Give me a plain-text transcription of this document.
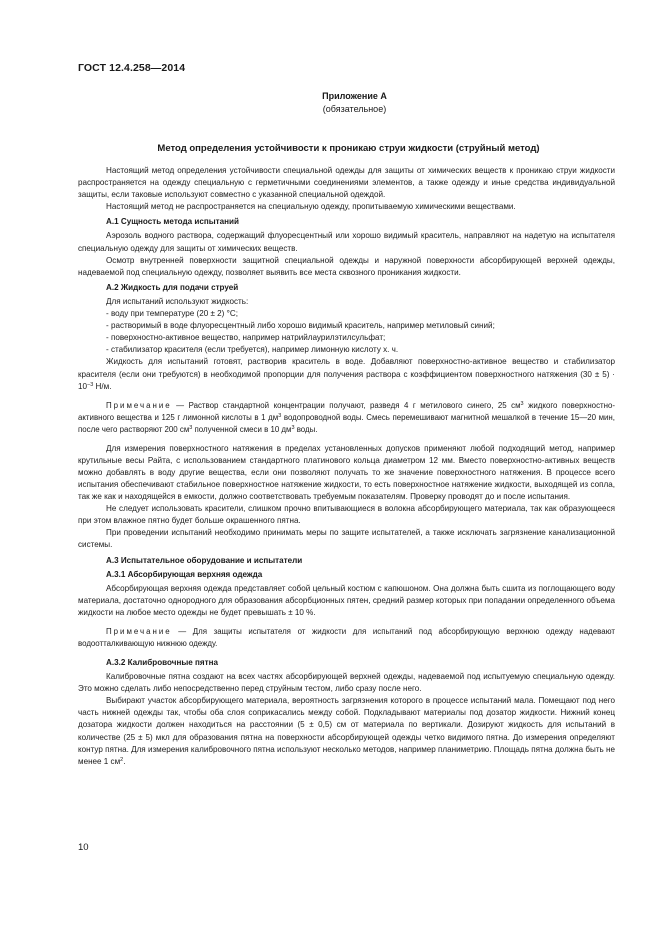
ГОСТ 12.4.258—2014
Приложение А
(обязательное)
Метод определения устойчивости к проникаю струи жидкости (струйный метод)

Настоящий метод определения устойчивости специальной одежды для защиты от химических веществ к проникаю струи жидкости распространяется на одежду специальную с герметичными соединениями элементов, а также одежду и иные средства индивидуальной защиты, если таковые используют совместно с указанной специальной одеждой.

Настоящий метод не распространяется на специальную одежду, пропитываемую химическими веществами.

А.1 Сущность метода испытаний

Аэрозоль водного раствора, содержащий флуоресцентный или хорошо видимый краситель, направляют на надетую на испытателя специальную одежду для защиты от химических веществ.

Осмотр внутренней поверхности защитной специальной одежды и наружной поверхности абсорбирующей верхней одежды, надеваемой под специальную одежду, позволяет выявить все места сквозного проникания жидкости.

А.2 Жидкость для подачи струей

Для испытаний используют жидкость:

- воду при температуре (20 ± 2) °С;
- растворимый в воде флуоресцентный либо хорошо видимый краситель, например метиловый синий;
- поверхностно-активное вещество, например натрийлаурилэтилсульфат;
- стабилизатор красителя (если требуется), например лимонную кислоту х. ч.

Жидкость для испытаний готовят, растворив краситель в воде. Добавляют поверхностно-активное вещество и стабилизатор красителя (если они требуются) в необходимой пропорции для получения раствора с коэффициентом поверхностного натяжения $(30 \pm 5) \cdot 10^{-3}$ Н/м.

Примечание — Раствор стандартной концентрации получают, разведя 4 г метилового синего, 25 $см^3$ жидкого поверхностно-активного вещества и 125 г лимонной кислоты в 1 $дм^3$ водопроводной воды. Смесь перемешивают магнитной мешалкой в течение 15—20 мин, после чего растворяют 200 $см^3$ полученной смеси в 10 $дм^3$ воды.

Для измерения поверхностного натяжения в пределах установленных допусков применяют любой подходящий метод, например крутильные весы Райта, с использованием стандартного платинового кольца диаметром 12 мм. Вместо поверхностно-активных веществ можно добавлять в воду другие вещества, если они позволяют получать то же значение поверхностного натяжения. В процессе всего испытания обеспечивают стабильное поверхностное натяжение жидкости, то есть поверхностное натяжение жидкости, выходящей из сопла, так же как и находящейся в емкости, должно соответствовать требуемым показателям. Проверку проводят до и после испытания.

Не следует использовать красители, слишком прочно впитывающиеся в волокна абсорбирующего материала, так как образующееся при этом влажное пятно будет больше окрашенного пятна.

При проведении испытаний необходимо принимать меры по защите испытателей, а также исключать загрязнение канализационной системы.

А.3 Испытательное оборудование и испытатели
А.3.1 Абсорбирующая верхняя одежда

Абсорбирующая верхняя одежда представляет собой цельный костюм с капюшоном. Она должна быть сшита из поглощающего воду материала, достаточно однородного для образования абсорбционных пятен, средний размер которых при попадании определенного объема жидкости на любое место одежды не будет превышать ± 10 %.

Примечание — Для защиты испытателя от жидкости для испытаний под абсорбирующую верхнюю одежду надевают водоотталкивающую нижнюю одежду.

А.3.2 Калибровочные пятна

Калибровочные пятна создают на всех частях абсорбирующей верхней одежды, надеваемой под испытуемую специальную одежду. Это можно сделать либо непосредственно перед струйным тестом, либо сразу после него.

Выбирают участок абсорбирующего материала, вероятность загрязнения которого в процессе испытаний мала. Помещают под него часть нижней одежды так, чтобы оба слоя соприкасались между собой. Подкладывают материалы под дозатор жидкости. Нижний конец дозатора жидкости должен находиться на расстоянии (5 ± 0,5) см от материала по вертикали. Дозируют жидкость для испытаний в количестве (25 ± 5) мкл для образования пятна на поверхности абсорбирующей одежды четко видимого пятна. До измерения определяют контур пятна. Для измерения калибровочного пятна используют несколько методов, например планиметрию. Площадь пятна должна быть не менее 1 $см^2$.

10
